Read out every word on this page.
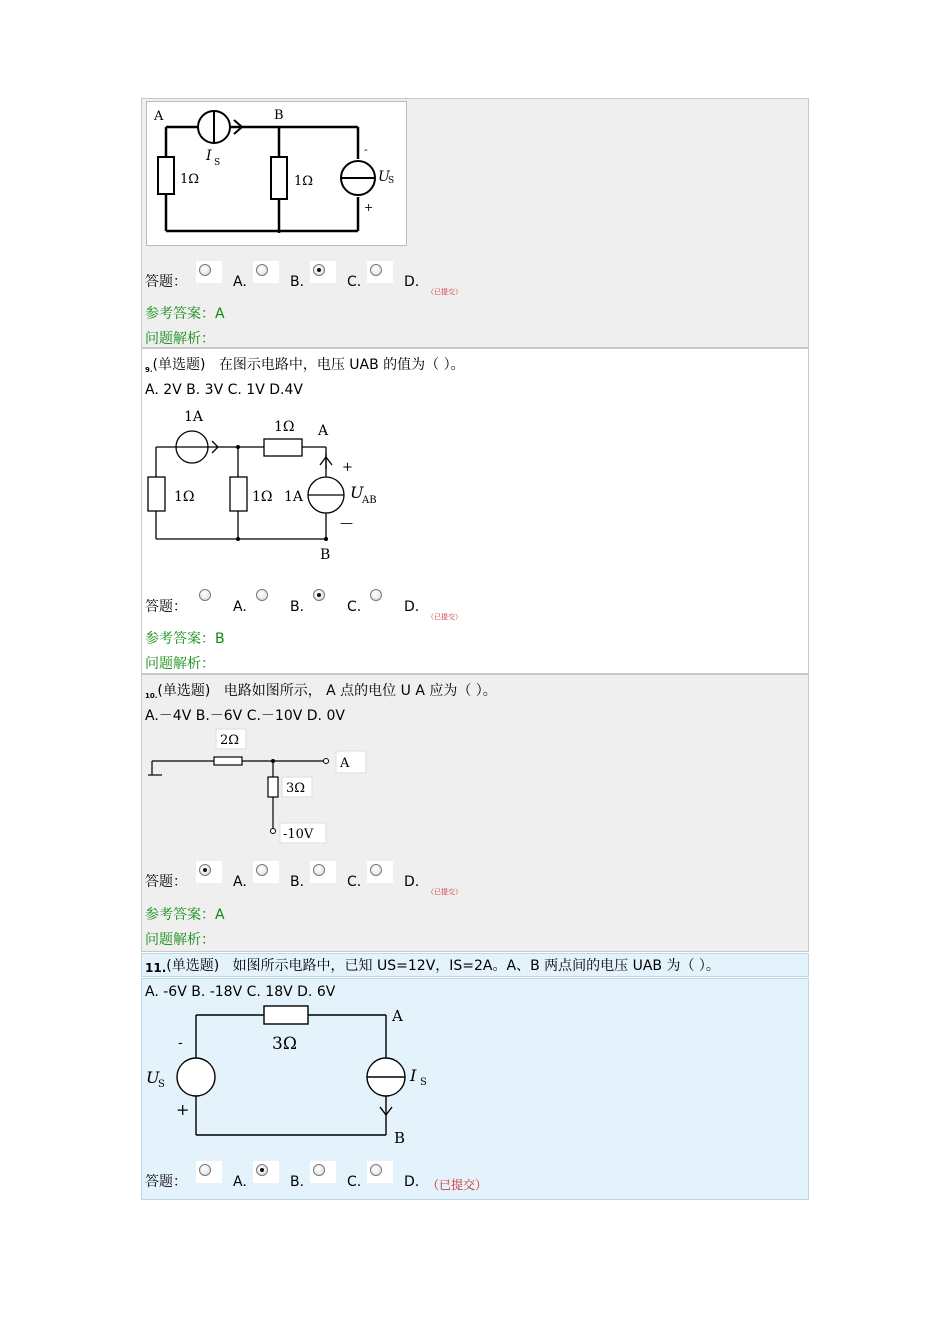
A	B
1Ω	1Ω
I S
U
S
-
+
答题：	A.	B.	C.	D.
（已提交）
参考答案：A
问题解析：
$_{9.}$(单选题) 在图示电路中，电压 UAB 的值为（ ）。
A. 2V B. 3V C. 1V D.4V
1A
1Ω A
B
1Ω	1Ω 1A	U
AB
+
—
答题：	A.	B.	C.	D.
（已提交）
参考答案：B
问题解析：
$_{10.}$(单选题) 电路如图所示， A 点的电位 U A 应为（ ）。
A.－4V B.－6V C.－10V D. 0V
2Ω
3Ω
A
-10V
答题：	A.	B.	C.	D.
（已提交）
参考答案：A
问题解析：
11.(单选题) 如图所示电路中，已知 US=12V，IS=2A。A、B 两点间的电压 UAB 为（ ）。
A. -6V B. -18V C. 18V D. 6V
3Ω
A
B
U
S	I S
-
+
答题：	A.	B.	C.	D. （已提交）
